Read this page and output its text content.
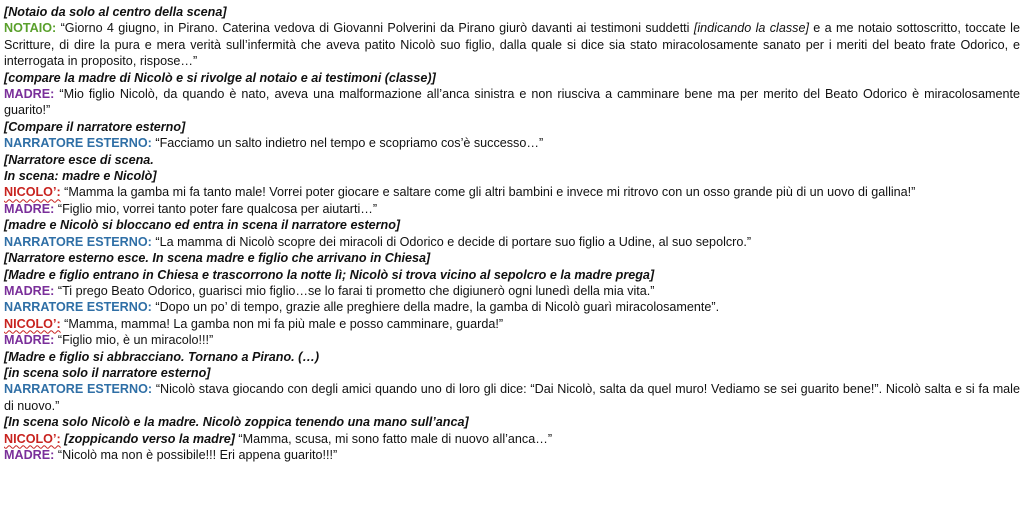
[Notaio da solo al centro della scena]

NOTAIO: “Giorno 4 giugno, in Pirano. Caterina vedova di Giovanni Polverini da Pirano giurò davanti ai testimoni suddetti [indicando la classe] e a me notaio sottoscritto, toccate le Scritture, di dire la pura e mera verità sull’infermità che aveva patito Nicolò suo figlio, dalla quale si dice sia stato miracolosamente sanato per i meriti del beato frate Odorico, e interrogata in proposito, rispose…”

[compare la madre di Nicolò e si rivolge al notaio e ai testimoni (classe)]

MADRE: “Mio figlio Nicolò, da quando è nato, aveva una malformazione all’anca sinistra e non riusciva a camminare bene ma per merito del Beato Odorico è miracolosamente guarito!”

[Compare il narratore esterno]

NARRATORE ESTERNO: “Facciamo un salto indietro nel tempo e scopriamo cos’è successo…”

[Narratore esce di scena.

In scena: madre e Nicolò]

NICOLO’: “Mamma la gamba mi fa tanto male! Vorrei poter giocare e saltare come gli altri bambini e invece mi ritrovo con un osso grande più di un uovo di gallina!”

MADRE: “Figlio mio, vorrei tanto poter fare qualcosa per aiutarti…”

[madre e Nicolò si bloccano ed entra in scena il narratore esterno]

NARRATORE ESTERNO: “La mamma di Nicolò scopre dei miracoli di Odorico e decide di portare suo figlio a Udine, al suo sepolcro.”

[Narratore esterno esce. In scena madre e figlio che arrivano in Chiesa]

[Madre e figlio entrano in Chiesa e trascorrono la notte lì; Nicolò si trova vicino al sepolcro e la madre prega]

MADRE: “Ti prego Beato Odorico, guarisci mio figlio…se lo farai ti prometto che digiunerò ogni lunedì della mia vita.”

NARRATORE ESTERNO: “Dopo un po’ di tempo, grazie alle preghiere della madre, la gamba di Nicolò guarì miracolosamente”.

NICOLO’: “Mamma, mamma! La gamba non mi fa più male e posso camminare, guarda!”

MADRE: “Figlio mio, è un miracolo!!!”

[Madre e figlio si abbracciano. Tornano a Pirano. (…)

[in scena solo il narratore esterno]

NARRATORE ESTERNO: “Nicolò stava giocando con degli amici quando uno di loro gli dice: “Dai Nicolò, salta da quel muro! Vediamo se sei guarito bene!”. Nicolò salta e si fa male di nuovo.”

[In scena solo Nicolò e la madre. Nicolò zoppica tenendo una mano sull’anca]

NICOLO’: [zoppicando verso la madre] “Mamma, scusa, mi sono fatto male di nuovo all’anca…”

MADRE: “Nicolò ma non è possibile!!! Eri appena guarito!!!”
